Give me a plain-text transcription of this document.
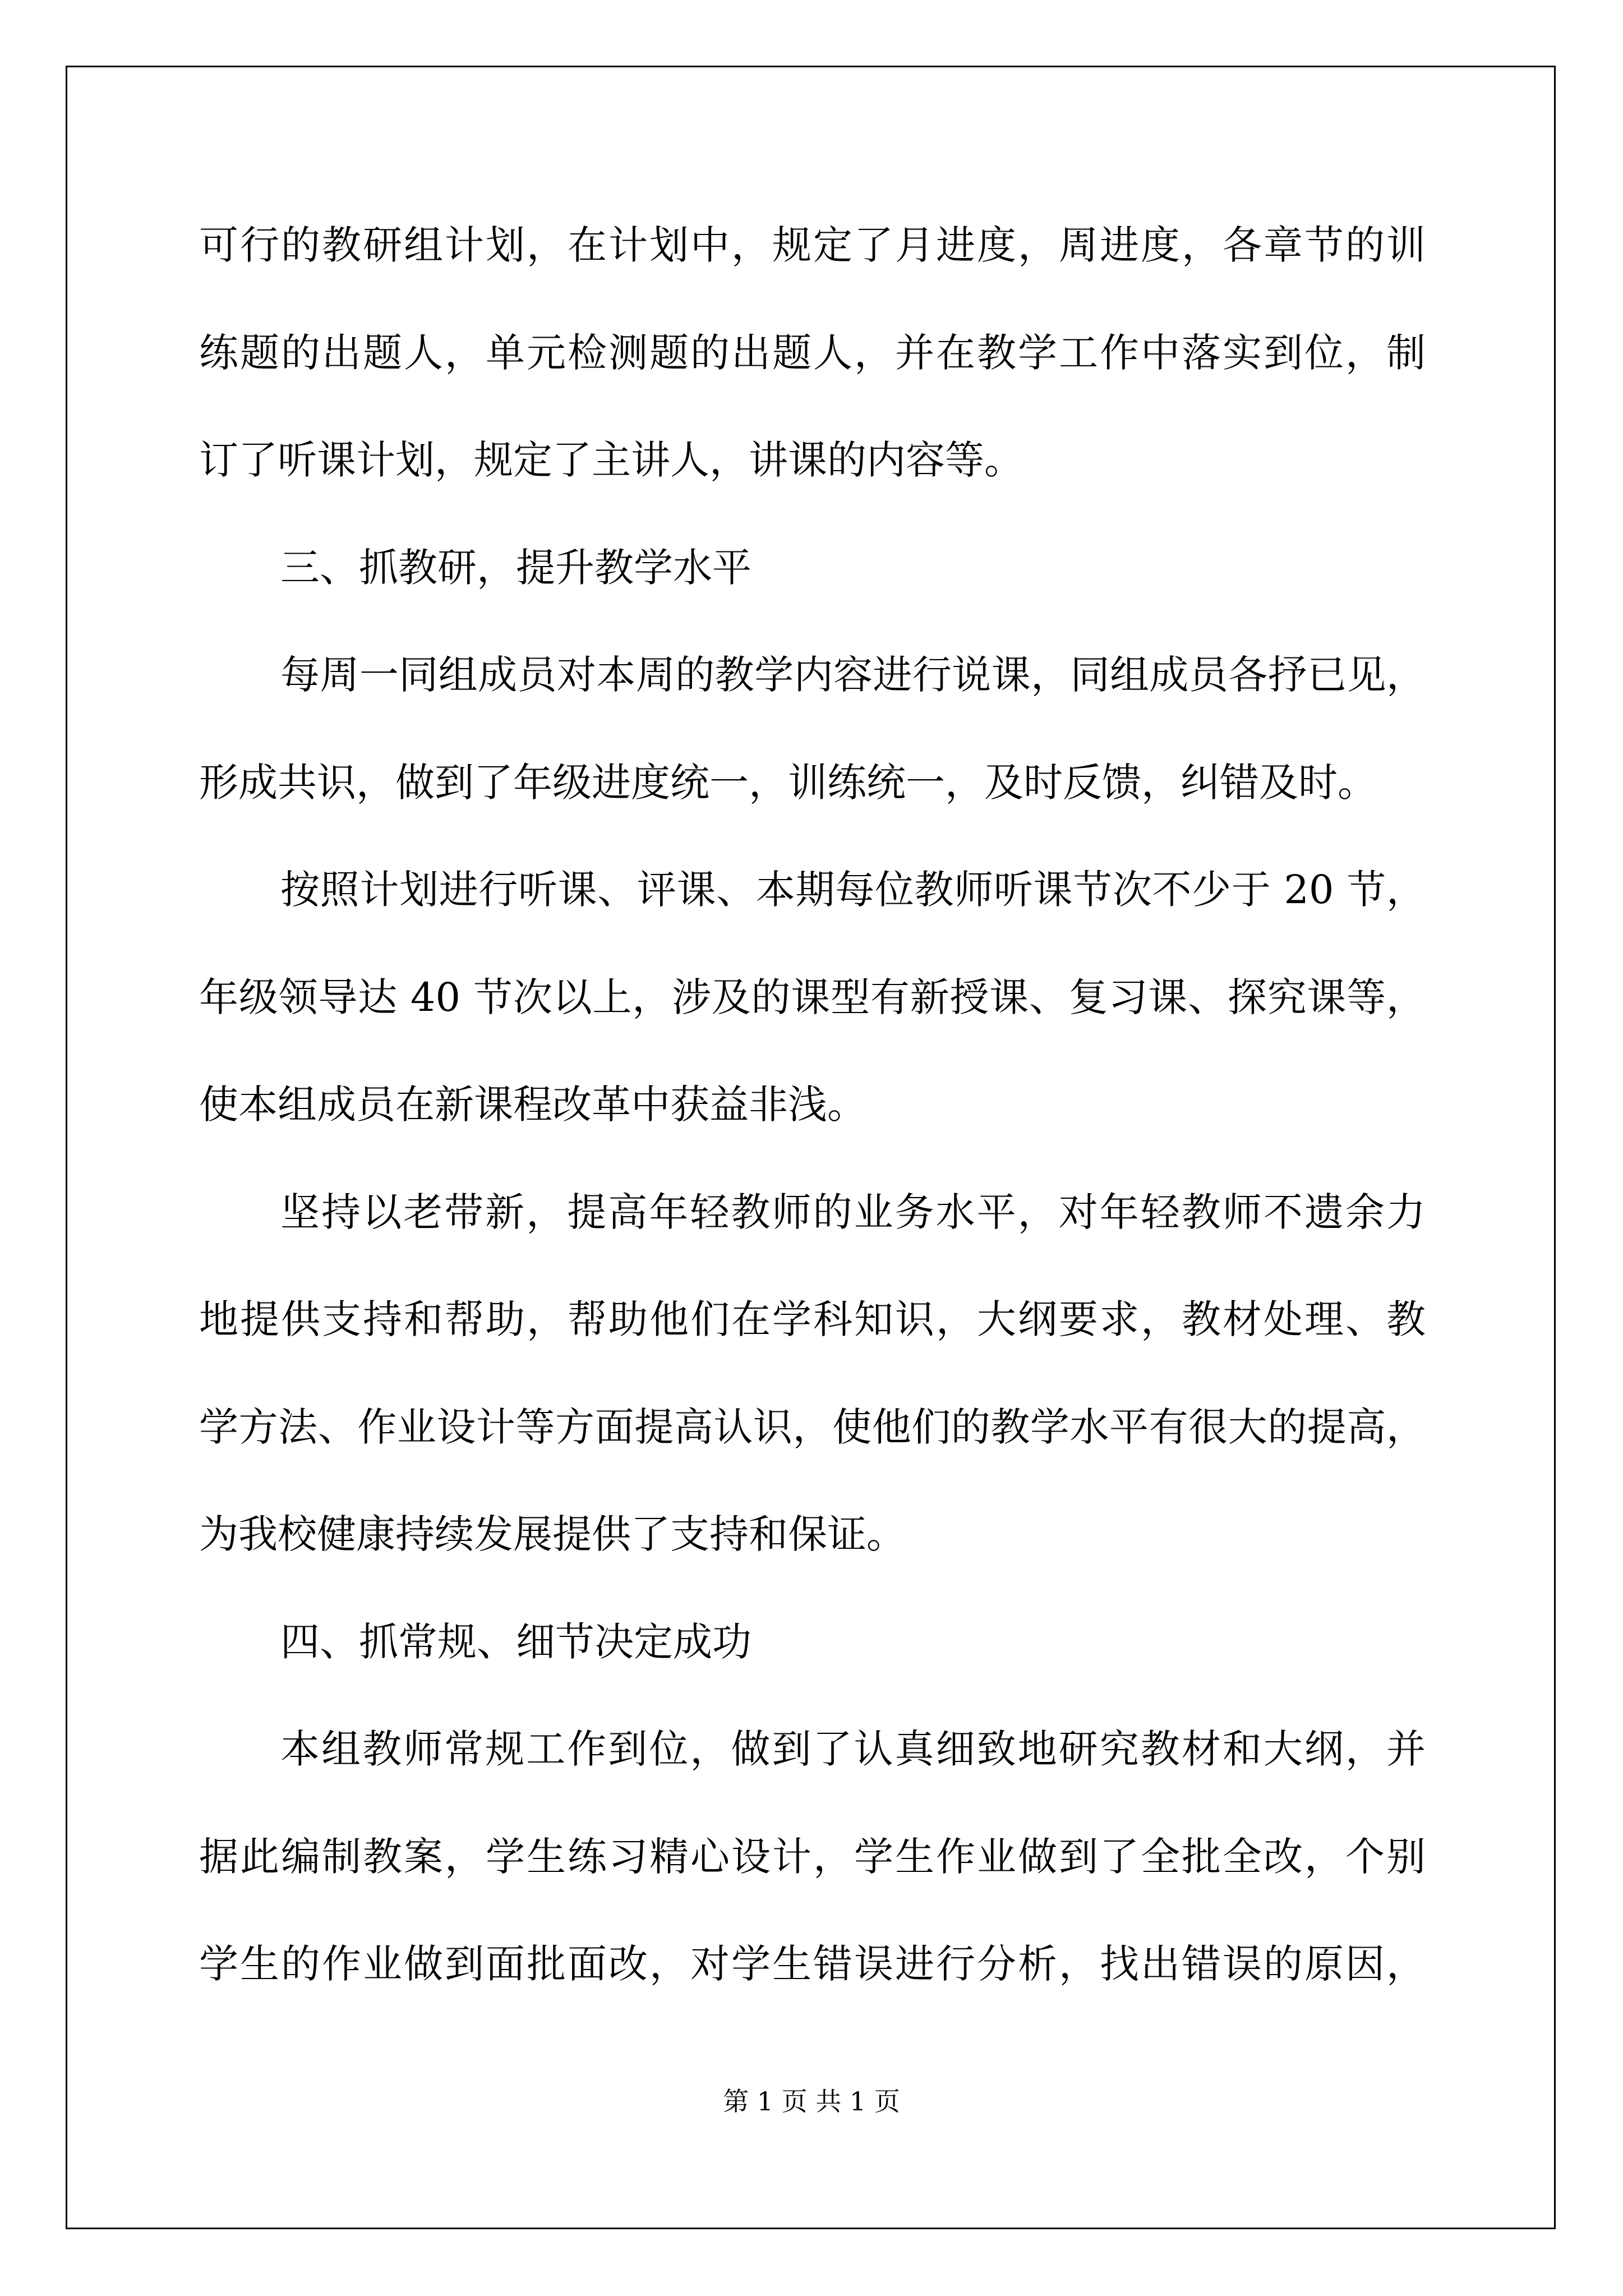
可行的教研组计划，在计划中，规定了月进度，周进度，各章节的训
练题的出题人，单元检测题的出题人，并在教学工作中落实到位，制
订了听课计划，规定了主讲人，讲课的内容等。
三、抓教研，提升教学水平
每周一同组成员对本周的教学内容进行说课，同组成员各抒已见，
形成共识，做到了年级进度统一，训练统一，及时反馈，纠错及时。
按照计划进行听课、评课、本期每位教师听课节次不少于 20 节，
年级领导达 40 节次以上，涉及的课型有新授课、复习课、探究课等，
使本组成员在新课程改革中获益非浅。
坚持以老带新，提高年轻教师的业务水平，对年轻教师不遗余力
地提供支持和帮助，帮助他们在学科知识，大纲要求，教材处理、教
学方法、作业设计等方面提高认识，使他们的教学水平有很大的提高，
为我校健康持续发展提供了支持和保证。
四、抓常规、细节决定成功
本组教师常规工作到位，做到了认真细致地研究教材和大纲，并
据此编制教案，学生练习精心设计，学生作业做到了全批全改，个别
学生的作业做到面批面改，对学生错误进行分析，找出错误的原因，
第 1 页 共 1 页
